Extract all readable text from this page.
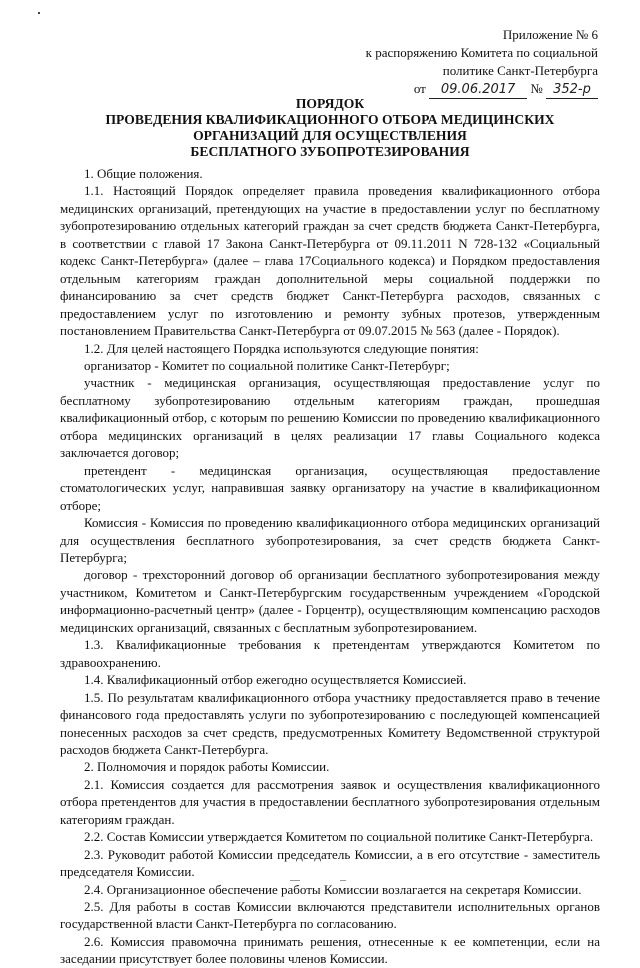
Приложение № 6
к распоряжению Комитета по социальной
политике Санкт-Петербурга
от 09.06.2017 № 352-р
ПОРЯДОК
ПРОВЕДЕНИЯ КВАЛИФИКАЦИОННОГО ОТБОРА МЕДИЦИНСКИХ
ОРГАНИЗАЦИЙ ДЛЯ ОСУЩЕСТВЛЕНИЯ
БЕСПЛАТНОГО ЗУБОПРОТЕЗИРОВАНИЯ

1. Общие положения.

1.1. Настоящий Порядок определяет правила проведения квалификационного отбора медицинских организаций, претендующих на участие в предоставлении услуг по бесплатному зубопротезированию отдельных категорий граждан за счет средств бюджета Санкт-Петербурга, в соответствии с главой 17 Закона Санкт-Петербурга от 09.11.2011 N 728-132 «Социальный кодекс Санкт-Петербурга» (далее – глава 17Социального кодекса) и Порядком предоставления отдельным категориям граждан дополнительной меры социальной поддержки по финансированию за счет средств бюджет Санкт-Петербурга расходов, связанных с предоставлением услуг по изготовлению и ремонту зубных протезов, утвержденным постановлением Правительства Санкт-Петербурга от 09.07.2015 № 563 (далее - Порядок).

1.2. Для целей настоящего Порядка используются следующие понятия:

организатор - Комитет по социальной политике Санкт-Петербург;

участник - медицинская организация, осуществляющая предоставление услуг по бесплатному зубопротезированию отдельным категориям граждан, прошедшая квалификационный отбор, с которым по решению Комиссии по проведению квалификационного отбора медицинских организаций в целях реализации 17 главы Социального кодекса заключается договор;

претендент - медицинская организация, осуществляющая предоставление стоматологических услуг, направившая заявку организатору на участие в квалификационном отборе;

Комиссия - Комиссия по проведению квалификационного отбора медицинских организаций для осуществления бесплатного зубопротезирования, за счет средств бюджета Санкт-Петербурга;

договор - трехсторонний договор об организации бесплатного зубопротезирования между участником, Комитетом и Санкт-Петербургским государственным учреждением «Городской информационно-расчетный центр» (далее - Горцентр), осуществляющим компенсацию расходов медицинских организаций, связанных с бесплатным зубопротезированием.

1.3. Квалификационные требования к претендентам утверждаются Комитетом по здравоохранению.

1.4. Квалификационный отбор ежегодно осуществляется Комиссией.

1.5. По результатам квалификационного отбора участнику предоставляется право в течение финансового года предоставлять услуги по зубопротезированию с последующей компенсацией понесенных расходов за счет средств, предусмотренных Комитету Ведомственной структурой расходов бюджета Санкт-Петербурга.

2. Полномочия и порядок работы Комиссии.

2.1. Комиссия создается для рассмотрения заявок и осуществления квалификационного отбора претендентов для участия в предоставлении бесплатного зубопротезирования отдельным категориям граждан.

2.2. Состав Комиссии утверждается Комитетом по социальной политике Санкт-Петербурга.

2.3. Руководит работой Комиссии председатель Комиссии, а в его отсутствие - заместитель председателя Комиссии.

2.4. Организационное обеспечение работы Комиссии возлагается на секретаря Комиссии.

2.5. Для работы в состав Комиссии включаются представители исполнительных органов государственной власти Санкт-Петербурга по согласованию.

2.6. Комиссия правомочна принимать решения, отнесенные к ее компетенции, если на заседании присутствует более половины членов Комиссии.
